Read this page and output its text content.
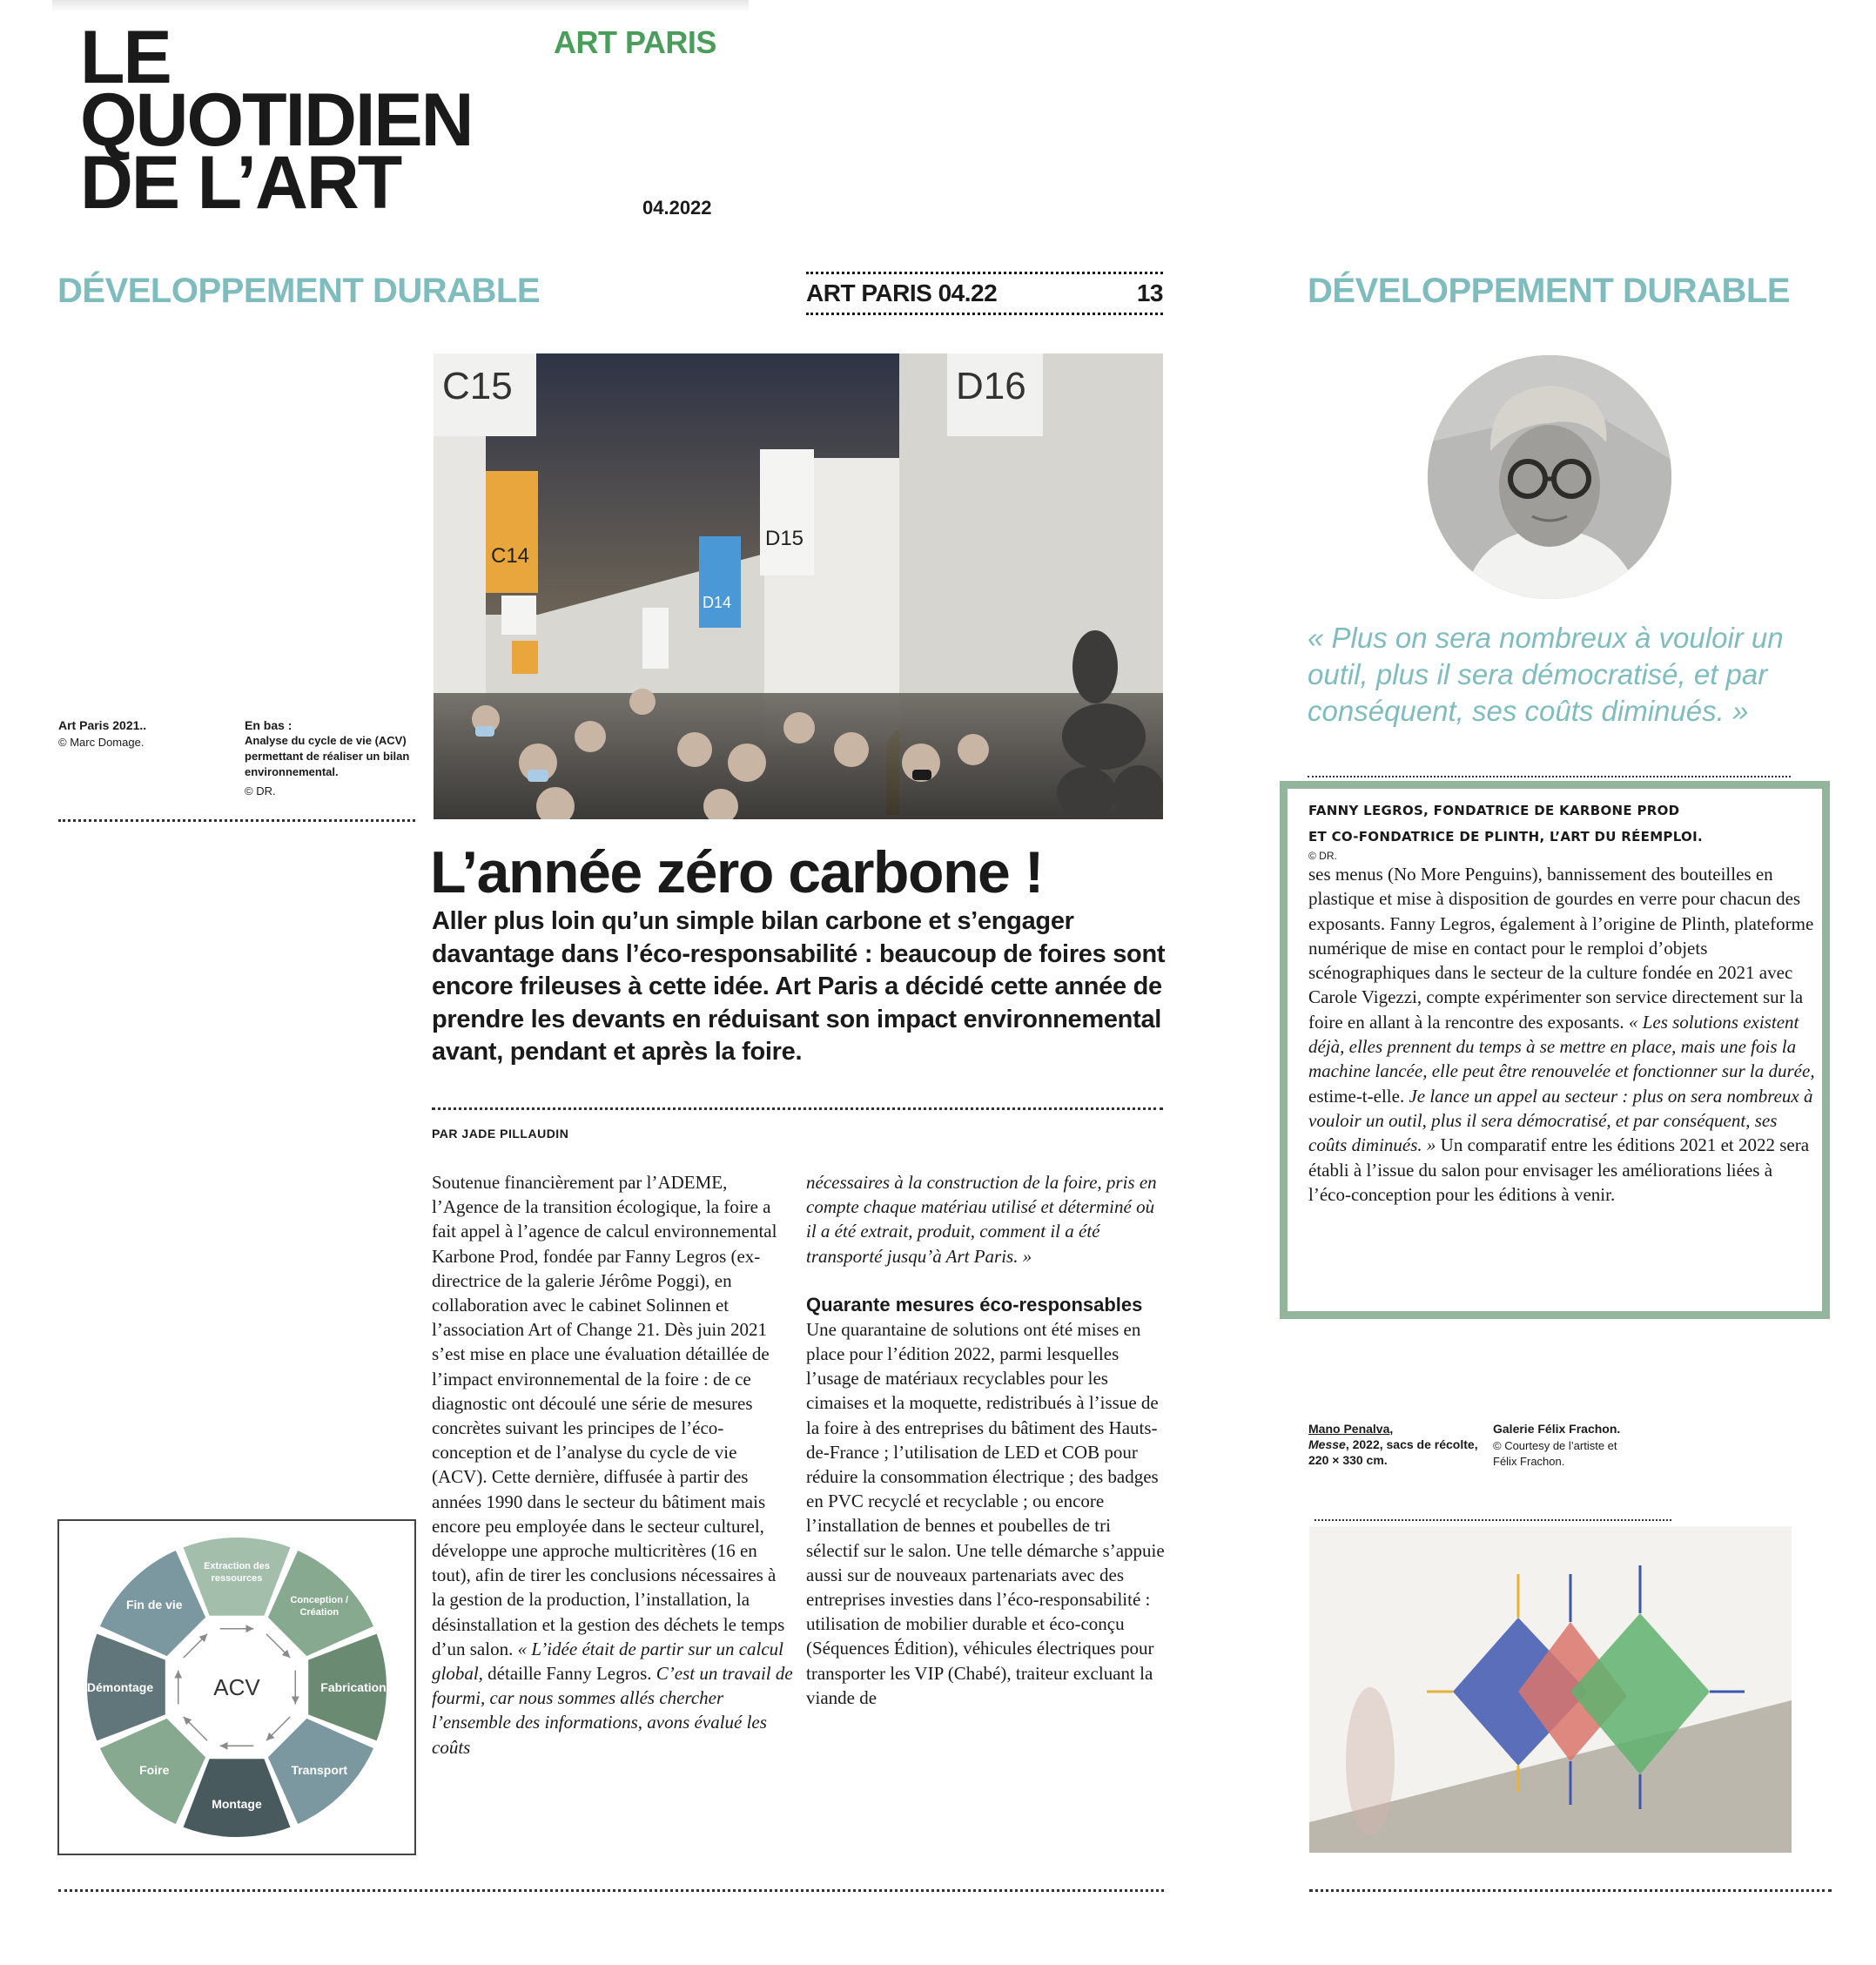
LE
QUOTIDIEN
DE L’ART
ART PARIS
04.2022
DÉVELOPPEMENT DURABLE	ART PARIS 04.22	13
C15	D16
C14
D14
D15
Art Paris 2021..
© Marc Domage.
En bas :
Analyse du cycle de vie (ACV) permettant de réaliser un bilan environnemental.
© DR.
L’année zéro carbone !
Aller plus loin qu’un simple bilan carbone et s’engager davantage dans l’éco-responsabilité : beaucoup de foires sont encore frileuses à cette idée. Art Paris a décidé cette année de prendre les devants en réduisant son impact environnemental avant, pendant et après la foire.
PAR JADE PILLAUDIN

Soutenue financièrement par l’ADEME, l’Agence de la transition écologique, la foire a fait appel à l’agence de calcul environnemental Karbone Prod, fondée par Fanny Legros (ex-directrice de la galerie Jérôme Poggi), en collaboration avec le cabinet Solinnen et l’association Art of Change 21. Dès juin 2021 s’est mise en place une évaluation détaillée de l’impact environnemental de la foire : de ce diagnostic ont découlé une série de mesures concrètes suivant les principes de l’éco-conception et de l’analyse du cycle de vie (ACV). Cette dernière, diffusée à partir des années 1990 dans le secteur du bâtiment mais encore peu employée dans le secteur culturel, développe une approche multicritères (16 en tout), afin de tirer les conclusions nécessaires à la gestion de la production, l’installation, la désinstallation et la gestion des déchets le temps d’un salon. « L’idée était de partir sur un calcul global, détaille Fanny Legros. C’est un travail de fourmi, car nous sommes allés chercher l’ensemble des informations, avons évalué les coûts

nécessaires à la construction de la foire, pris en compte chaque matériau utilisé et déterminé où il a été extrait, produit, comment il a été transporté jusqu’à Art Paris. »

Quarante mesures éco-responsables

Une quarantaine de solutions ont été mises en place pour l’édition 2022, parmi lesquelles l’usage de matériaux recyclables pour les cimaises et la moquette, redistribués à l’issue de la foire à des entreprises du bâtiment des Hauts-de-France ; l’utilisation de LED et COB pour réduire la consommation électrique ; des badges en PVC recyclé et recyclable ; ou encore l’installation de bennes et poubelles de tri sélectif sur le salon. Une telle démarche s’appuie aussi sur de nouveaux partenariats avec des entreprises investies dans l’éco-responsabilité : utilisation de mobilier durable et éco-conçu (Séquences Édition), véhicules électriques pour transporter les VIP (Chabé), traiteur excluant la viande de

Extraction des ressources
Conception / Création
Fabrication
Transport
Montage
Foire
Démontage
Fin de vie
ACV
DÉVELOPPEMENT DURABLE
« Plus on sera nombreux à vouloir un outil, plus il sera démocratisé, et par conséquent, ses coûts diminués. »
FANNY LEGROS, FONDATRICE DE KARBONE PROD
ET CO-FONDATRICE DE PLINTH, L’ART DU RÉEMPLOI.
© DR.

ses menus (No More Penguins), bannissement des bouteilles en plastique et mise à disposition de gourdes en verre pour chacun des exposants. Fanny Legros, également à l’origine de Plinth, plateforme numérique de mise en contact pour le remploi d’objets scénographiques dans le secteur de la culture fondée en 2021 avec Carole Vigezzi, compte expérimenter son service directement sur la foire en allant à la rencontre des exposants. « Les solutions existent déjà, elles prennent du temps à se mettre en place, mais une fois la machine lancée, elle peut être renouvelée et fonctionner sur la durée, estime-t-elle. Je lance un appel au secteur : plus on sera nombreux à vouloir un outil, plus il sera démocratisé, et par conséquent, ses coûts diminués. » Un comparatif entre les éditions 2021 et 2022 sera établi à l’issue du salon pour envisager les améliorations liées à l’éco-conception pour les éditions à venir.

Mano Penalva,
Messe, 2022, sacs de récolte, 220 × 330 cm.
Galerie Félix Frachon.
© Courtesy de l’artiste et Félix Frachon.
